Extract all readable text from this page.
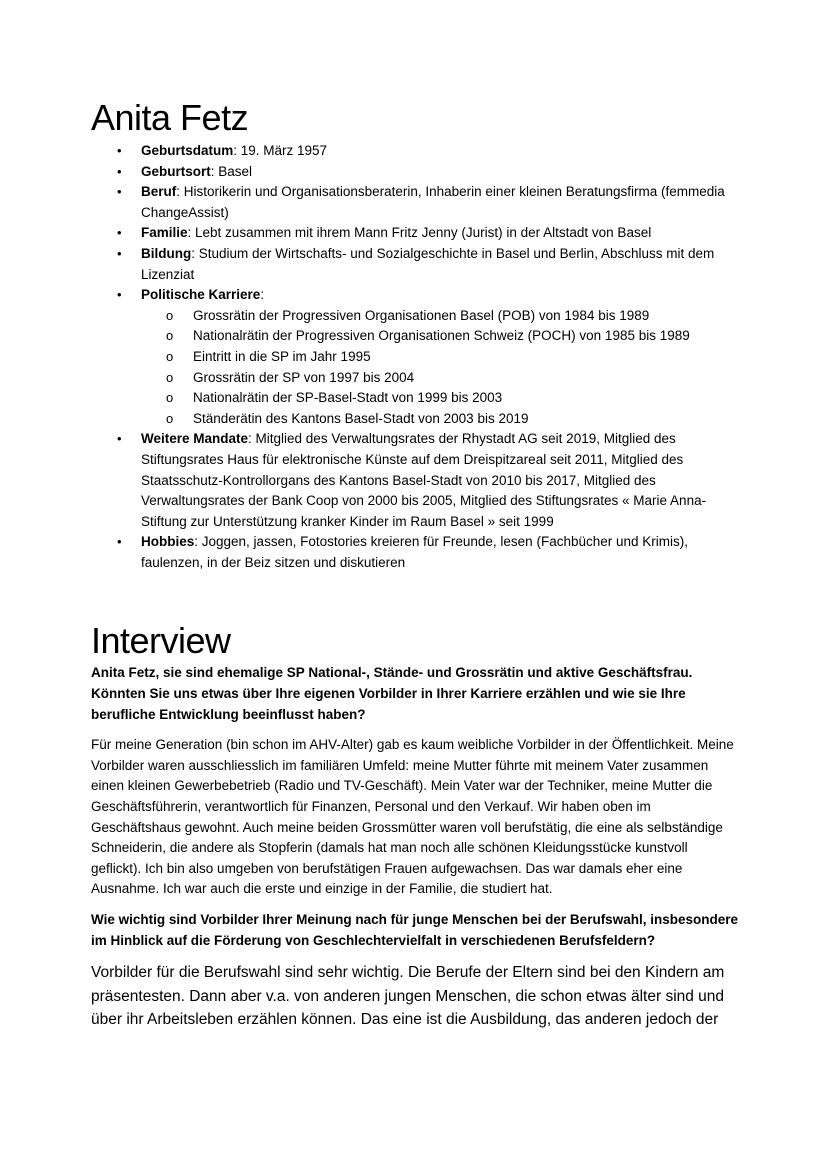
Anita Fetz
• Geburtsdatum: 19. März 1957
• Geburtsort: Basel
• Beruf: Historikerin und Organisationsberaterin, Inhaberin einer kleinen Beratungsfirma (femmedia ChangeAssist)
• Familie: Lebt zusammen mit ihrem Mann Fritz Jenny (Jurist) in der Altstadt von Basel
• Bildung: Studium der Wirtschafts- und Sozialgeschichte in Basel und Berlin, Abschluss mit dem Lizenziat
• Politische Karriere:
o Grossrätin der Progressiven Organisationen Basel (POB) von 1984 bis 1989
o Nationalrätin der Progressiven Organisationen Schweiz (POCH) von 1985 bis 1989
o Eintritt in die SP im Jahr 1995
o Grossrätin der SP von 1997 bis 2004
o Nationalrätin der SP-Basel-Stadt von 1999 bis 2003
o Ständerätin des Kantons Basel-Stadt von 2003 bis 2019
• Weitere Mandate: Mitglied des Verwaltungsrates der Rhystadt AG seit 2019, Mitglied des Stiftungsrates Haus für elektronische Künste auf dem Dreispitzareal seit 2011, Mitglied des Staatsschutz-Kontrollorgans des Kantons Basel-Stadt von 2010 bis 2017, Mitglied des Verwaltungsrates der Bank Coop von 2000 bis 2005, Mitglied des Stiftungsrates « Marie Anna-Stiftung zur Unterstützung kranker Kinder im Raum Basel » seit 1999
• Hobbies: Joggen, jassen, Fotostories kreieren für Freunde, lesen (Fachbücher und Krimis), faulenzen, in der Beiz sitzen und diskutieren
Interview

Anita Fetz, sie sind ehemalige SP National-, Stände- und Grossrätin und aktive Geschäftsfrau. Könnten Sie uns etwas über Ihre eigenen Vorbilder in Ihrer Karriere erzählen und wie sie Ihre berufliche Entwicklung beeinflusst haben?

Für meine Generation (bin schon im AHV-Alter) gab es kaum weibliche Vorbilder in der Öffentlichkeit. Meine Vorbilder waren ausschliesslich im familiären Umfeld: meine Mutter führte mit meinem Vater zusammen einen kleinen Gewerbebetrieb (Radio und TV-Geschäft). Mein Vater war der Techniker, meine Mutter die Geschäftsführerin, verantwortlich für Finanzen, Personal und den Verkauf. Wir haben oben im Geschäftshaus gewohnt. Auch meine beiden Grossmütter waren voll berufstätig, die eine als selbständige Schneiderin, die andere als Stopferin (damals hat man noch alle schönen Kleidungsstücke kunstvoll geflickt). Ich bin also umgeben von berufstätigen Frauen aufgewachsen. Das war damals eher eine Ausnahme. Ich war auch die erste und einzige in der Familie, die studiert hat.

Wie wichtig sind Vorbilder Ihrer Meinung nach für junge Menschen bei der Berufswahl, insbesondere im Hinblick auf die Förderung von Geschlechtervielfalt in verschiedenen Berufsfeldern?

Vorbilder für die Berufswahl sind sehr wichtig. Die Berufe der Eltern sind bei den Kindern am präsentesten. Dann aber v.a. von anderen jungen Menschen, die schon etwas älter sind und über ihr Arbeitsleben erzählen können. Das eine ist die Ausbildung, das anderen jedoch der
